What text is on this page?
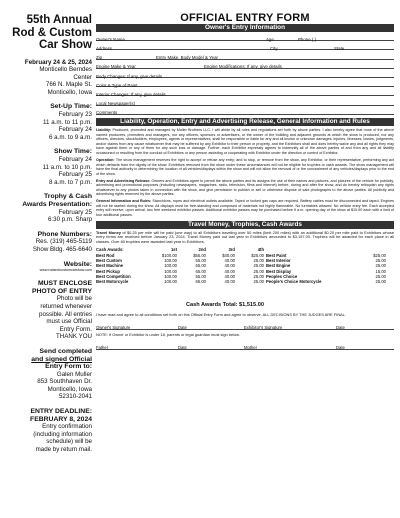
55th Annual
Rod & Custom
Car Show
February 24 & 25, 2024
Monticello Berndes
Center
766 N. Maple St.
Monticello, Iowa
Set-Up Time:
February 23
11 a.m. to 11 p.m.
February 24
6 a.m. to 9 a.m.
Show Time:
February 24
11 a.m. to 10 p.m.
February 25
8 a.m. to 7 p.m.
Trophy & Cash
Awards Presentation:
February 25
6:30 p.m. Sharp
Phone Numbers:
Res. (319) 465-5119
Show Bldg. 465-6640
Website:
www.rodandcustomcarshow.com
MUST ENCLOSE
PHOTO OF ENTRY
Photo will be
returned whenever
possible. All entries
must use Official
Entry Form.
THANK YOU
Send completed
and signed Official
Entry Form to:
Galen Muller
853 Southhaven Dr.
Monticello, Iowa
52310-2041
ENTRY DEADLINE:
FEBRUARY 8, 2024
Entry confirmation
(including information
schedule) will be
made by return mail.
OFFICIAL ENTRY FORM
Owner's Entry Information
Owner's Name	Age	Phone ( )
Address	City	State
Zip	Entry Make, Body Model & Year
Engine Make & Year	Engine Modifications: If any, give details
Body Changes: If any, give details
Color & Type of Paint
Interior Changes: If any, give details
Local Newspaper(s)
Comments
Liability, Operation, Entry and Advertising Release, General Information and Rules

Liability: Produced, promoted and managed by Muller Brothers LLC. I will abide by all rules and regulations set forth by above parties. I also hereby agree that none of the above named producers, promoters and managers, nor any officers, sponsors or advertisers, or the owner of the building and adjacent grounds at which the show is produced, nor any officers, directors, stockholders, employees, agents or representatives, shall be responsible or liable for any and all known or unknown damages, injuries, illnesses, losses, judgments, and/or claims from any cause whatsoever that may be suffered by any Exhibitor to their person or property, and the Exhibitors shall and does hereby waive any and all rights they may have against them or any of them for any such loss or damage. Further, each Exhibitor expressly agrees to indemnify all of the above parties of and from any and all liability occasioned or resulting from the conduct of Exhibitors or any person assisting or cooperating with Exhibitor under the direction or control of Exhibitor.

Operation: The show management reserves the right to accept or refuse any entry; and to stop, or remove from the show, any Exhibitor, or their representative, performing any act which detracts from the dignity of the show. Exhibitors removed from the show under these circumstances will not be eligible for trophies or cash awards. The show management will have the final authority in determining the location of all vehicles/displays within the show and will not allow the removal of or the concealment of any vehicles/displays prior to the end of the show.

Entry and Advertising Release: Owners and Exhibitors agree to permit the above parties and its assigns the use of their names and pictures, and pictures of the vehicle for publicity, advertising and promotional purposes (including newspapers, magazines, radio, television, films and internet) before, during and after the show, and do hereby relinquish any rights whatsoever to any photos taken in connection with the show, and give permission to publish or sell or otherwise dispose of said photographs to the above parties. All publicity and advertising rights reserved by the above parties.

General Information and Rules: Stanchions, ropes and electrical outlets available. Taped or locked gas caps are required. Battery cables must be disconnected and taped. Engines will not be started during the show. All displays must be free-standing and composed of materials not highly flammable. No turntables allowed. No vehicle entry fee. Each accepted entry will receive, upon arrival, two free weekend exhibitor passes. Additional exhibitor passes may be purchased before 9 a.m. opening day of the show at $10.00 each with a limit of four additional passes.

Travel Money, Trophies, Cash Awards

Travel Money of $0.25 per mile will be paid (one way) to all Exhibitors traveling over 50 miles (limit 200 miles) with an additional $0.20 per mile paid to Exhibitors whose entry forms are received before January 23, 2024. Travel Money paid out last year to Exhibitors amounted to $3,157.00. Trophies will be awarded for each place in all classes. Over 60 trophies were awarded last year to Exhibitors.

Cash Awards:	1st	2nd	3rd	4th
Best Rod	$100.00	$55.00	$40.00	$25.00
Best Custom	100.00	55.00	40.00	25.00
Best Machine	100.00	55.00	40.00	25.00
Best Pickup	100.00	65.00	40.00	25.00
Best Competition	100.00	55.00	40.00	25.00
Best Motorcycle	100.00	65.00	40.00	25.00

Best Paint	$25.00
Best Interior	25.00
Best Engine	25.00
Best Display	15.00
Peoples Choice	25.00
People's Choice Motorcycle	25.00
Cash Awards Total: $1,515.00

I have read and agree to all conditions set forth on this Official Entry Form and agree to observe. ALL DECISIONS BY THE JUDGES ARE FINAL.

Owner's Signature	Date	Exhibitor's Signature	Date

NOTE: If Owner or Exhibitor is under 18, parents or legal guardian must sign below.

Father	Date	Mother	Date
